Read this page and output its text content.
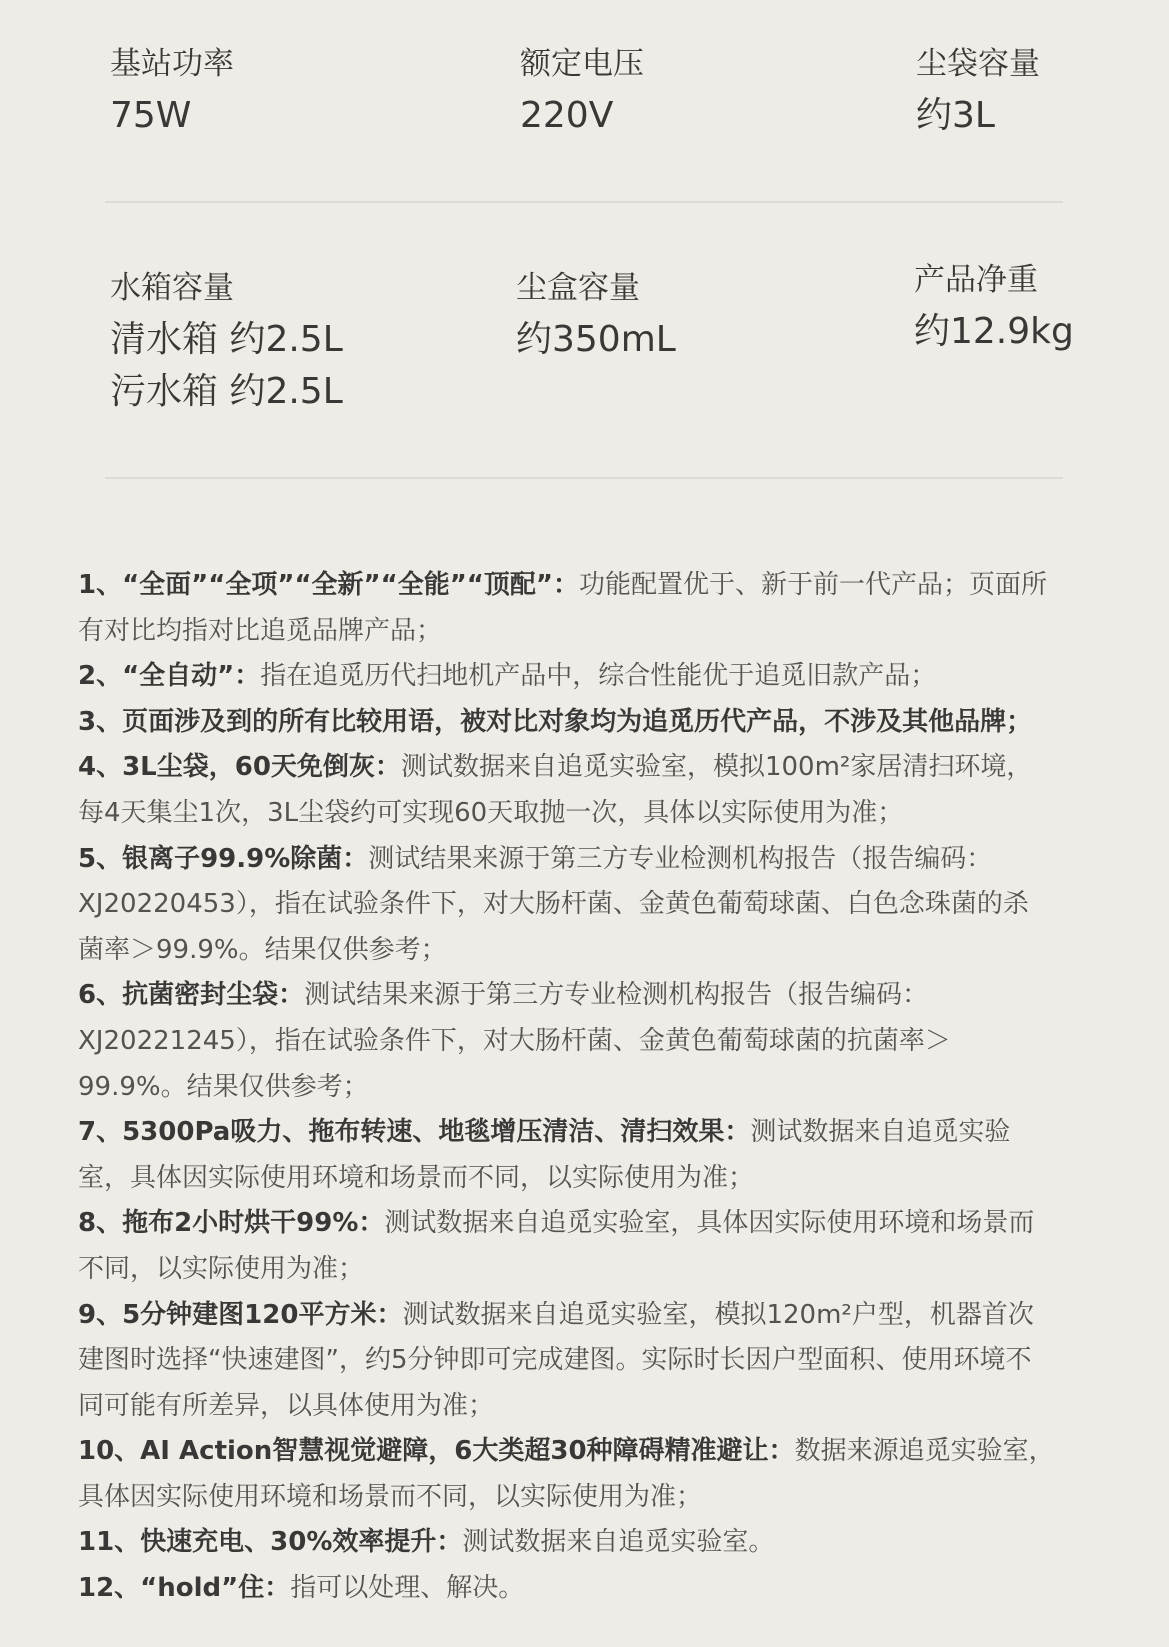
基站功率
75W
额定电压
220V
尘袋容量
约3L
水箱容量
清水箱 约2.5L
污水箱 约2.5L
尘盒容量
约350mL
产品净重
约12.9kg
1、“全面”“全项”“全新”“全能”“顶配”：功能配置优于、新于前一代产品；页面所
有对比均指对比追觅品牌产品；
2、“全自动”：指在追觅历代扫地机产品中，综合性能优于追觅旧款产品；
3、页面涉及到的所有比较用语，被对比对象均为追觅历代产品，不涉及其他品牌；
4、3L尘袋，60天免倒灰：测试数据来自追觅实验室，模拟100m²家居清扫环境，
每4天集尘1次，3L尘袋约可实现60天取抛一次，具体以实际使用为准；
5、银离子99.9%除菌：测试结果来源于第三方专业检测机构报告（报告编码：
XJ20220453），指在试验条件下，对大肠杆菌、金黄色葡萄球菌、白色念珠菌的杀
菌率＞99.9%。结果仅供参考；
6、抗菌密封尘袋：测试结果来源于第三方专业检测机构报告（报告编码：
XJ20221245），指在试验条件下，对大肠杆菌、金黄色葡萄球菌的抗菌率＞
99.9%。结果仅供参考；
7、5300Pa吸力、拖布转速、地毯增压清洁、清扫效果：测试数据来自追觅实验
室，具体因实际使用环境和场景而不同，以实际使用为准；
8、拖布2小时烘干99%：测试数据来自追觅实验室，具体因实际使用环境和场景而
不同，以实际使用为准；
9、5分钟建图120平方米：测试数据来自追觅实验室，模拟120m²户型，机器首次
建图时选择“快速建图”，约5分钟即可完成建图。实际时长因户型面积、使用环境不
同可能有所差异，以具体使用为准；
10、AI Action智慧视觉避障，6大类超30种障碍精准避让：数据来源追觅实验室，
具体因实际使用环境和场景而不同，以实际使用为准；
11、快速充电、30%效率提升：测试数据来自追觅实验室。
12、“hold”住：指可以处理、解决。
